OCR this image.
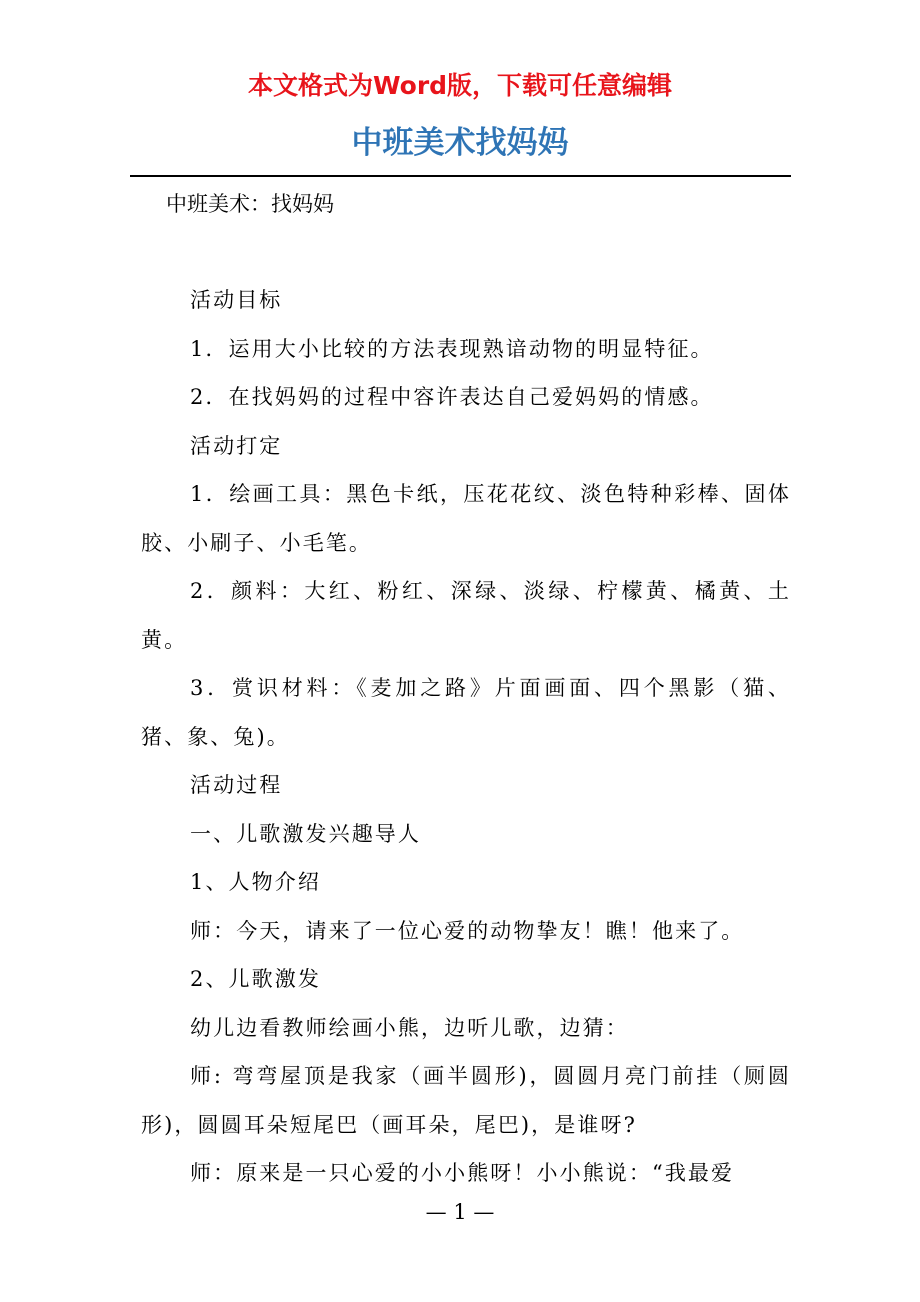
本文格式为Word版，下载可任意编辑
中班美术找妈妈
中班美术：找妈妈

活动目标

1．运用大小比较的方法表现熟谙动物的明显特征。

2．在找妈妈的过程中容许表达自己爱妈妈的情感。

活动打定

1．绘画工具：黑色卡纸，压花花纹、淡色特种彩棒、固体胶、小刷子、小毛笔。

2．颜料：大红、粉红、深绿、淡绿、柠檬黄、橘黄、土黄。

3．赏识材料：《麦加之路》片面画面、四个黑影（猫、猪、象、兔)。

活动过程

一、儿歌激发兴趣导人

1、人物介绍

师：今天，请来了一位心爱的动物挚友！瞧！他来了。

2、儿歌激发

幼儿边看教师绘画小熊，边听儿歌，边猜：

师: 弯弯屋顶是我家（画半圆形)，圆圆月亮门前挂（厕圆形)，圆圆耳朵短尾巴（画耳朵，尾巴)，是谁呀?

师：原来是一只心爱的小小熊呀！小小熊说：“我最爱

— 1 —
